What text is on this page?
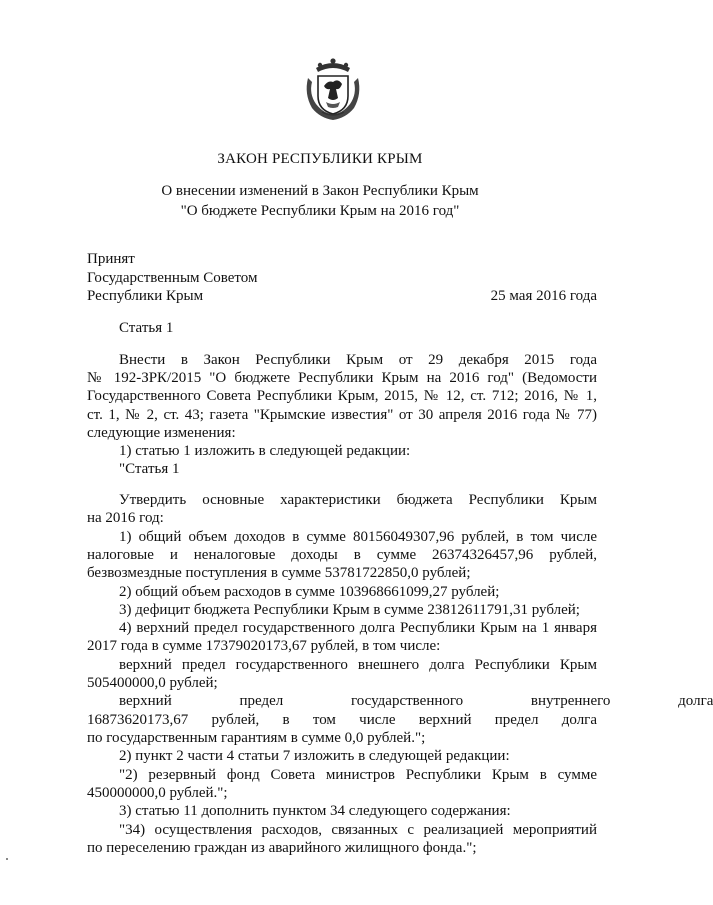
ЗАКОН РЕСПУБЛИКИ КРЫМ
О внесении изменений в Закон Республики Крым
"О бюджете Республики Крым на 2016 год"
Принят
Государственным Советом
Республики Крым	25 мая 2016 года
Статья 1
Внести в Закон Республики Крым от 29 декабря 2015 года
№ 192-ЗРК/2015 "О бюджете Республики Крым на 2016 год" (Ведомости
Государственного Совета Республики Крым, 2015, № 12, ст. 712; 2016, № 1,
ст. 1, № 2, ст. 43; газета "Крымские известия" от 30 апреля 2016 года № 77)
следующие изменения:
1) статью 1 изложить в следующей редакции:
"Статья 1
Утвердить основные характеристики бюджета Республики Крым
на 2016 год:
1) общий объем доходов в сумме 80156049307,96 рублей, в том числе
налоговые и неналоговые доходы в сумме 26374326457,96 рублей,
безвозмездные поступления в сумме 53781722850,0 рублей;
2) общий объем расходов в сумме 103968661099,27 рублей;
3) дефицит бюджета Республики Крым в сумме 23812611791,31 рублей;
4) верхний предел государственного долга Республики Крым на 1 января
2017 года в сумме 17379020173,67 рублей, в том числе:
верхний предел государственного внешнего долга Республики Крым
505400000,0 рублей;
верхний предел государственного внутреннего долга
16873620173,67 рублей, в том числе верхний предел долга
по государственным гарантиям в сумме 0,0 рублей.";
2) пункт 2 части 4 статьи 7 изложить в следующей редакции:
"2) резервный фонд Совета министров Республики Крым в сумме
450000000,0 рублей.";
3) статью 11 дополнить пунктом 34 следующего содержания:
"34) осуществления расходов, связанных с реализацией мероприятий
по переселению граждан из аварийного жилищного фонда.";
